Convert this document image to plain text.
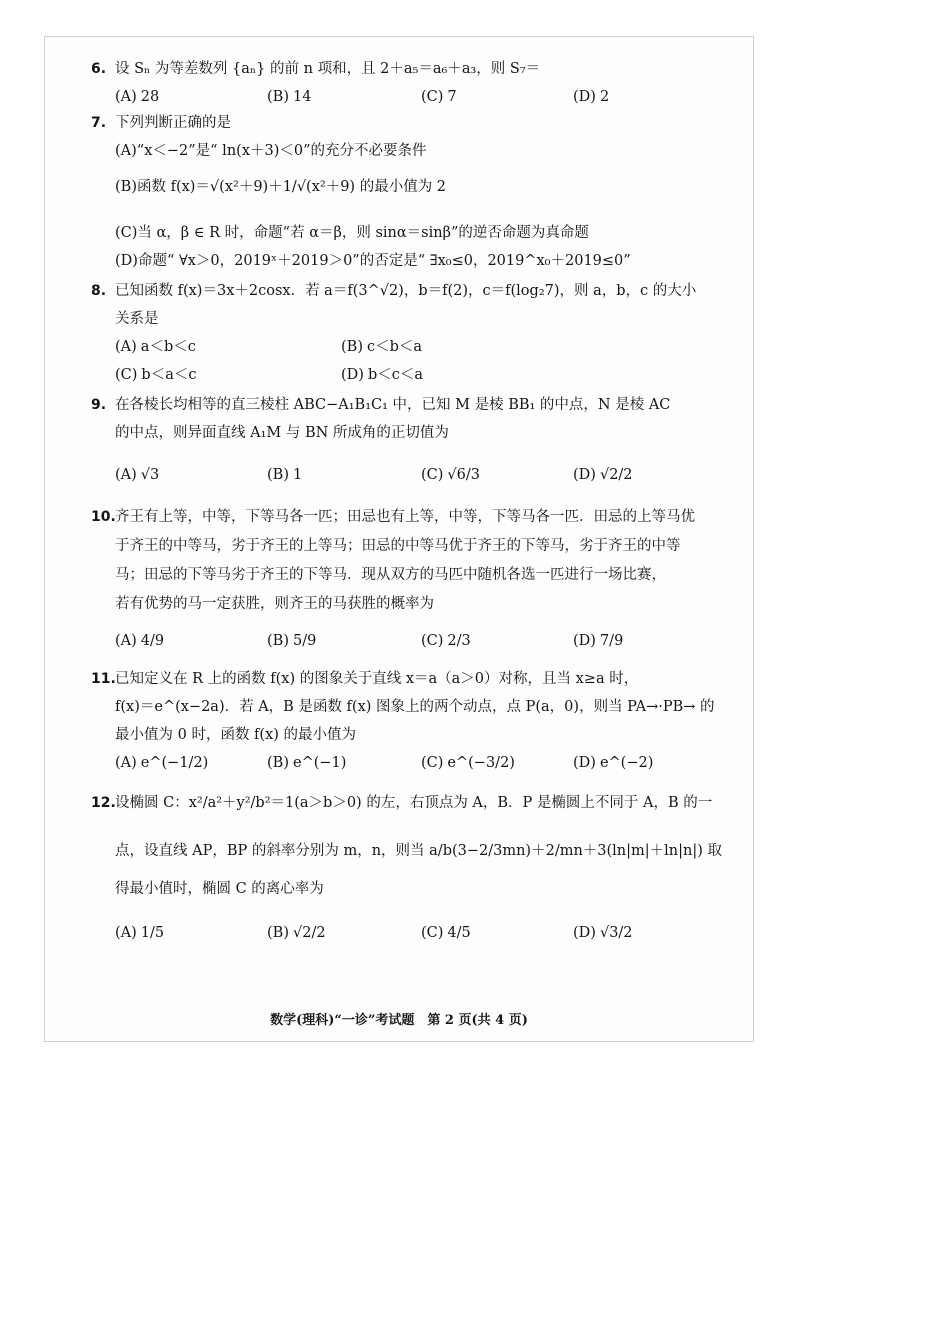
6. 设 Sₙ 为等差数列 {aₙ} 的前 n 项和，且 2＋a₅＝a₆＋a₃，则 S₇＝
(A) 28	(B) 14	(C) 7	(D) 2
7. 下列判断正确的是
(A)“x＜−2”是“ ln(x＋3)＜0”的充分不必要条件
(B)函数 f(x)＝√(x²＋9)＋1/√(x²＋9) 的最小值为 2
(C)当 α，β ∈ R 时，命题“若 α＝β，则 sinα＝sinβ”的逆否命题为真命题
(D)命题“ ∀x＞0，2019ˣ＋2019＞0”的否定是“ ∃x₀≤0，2019^x₀＋2019≤0”
8. 已知函数 f(x)＝3x＋2cosx．若 a＝f(3^√2)，b＝f(2)，c＝f(log₂7)，则 a，b，c 的大小
关系是
(A) a＜b＜c	(B) c＜b＜a
(C) b＜a＜c	(D) b＜c＜a
9. 在各棱长均相等的直三棱柱 ABC−A₁B₁C₁ 中，已知 M 是棱 BB₁ 的中点，N 是棱 AC
的中点，则异面直线 A₁M 与 BN 所成角的正切值为
(A) √3	(B) 1	(C) √6/3	(D) √2/2
10. 齐王有上等，中等，下等马各一匹；田忌也有上等，中等，下等马各一匹．田忌的上等马优
于齐王的中等马，劣于齐王的上等马；田忌的中等马优于齐王的下等马，劣于齐王的中等
马；田忌的下等马劣于齐王的下等马．现从双方的马匹中随机各选一匹进行一场比赛，
若有优势的马一定获胜，则齐王的马获胜的概率为
(A) 4/9	(B) 5/9	(C) 2/3	(D) 7/9
11. 已知定义在 R 上的函数 f(x) 的图象关于直线 x＝a（a＞0）对称，且当 x≥a 时，
f(x)＝e^(x−2a)．若 A，B 是函数 f(x) 图象上的两个动点，点 P(a，0)，则当 PA→·PB→ 的
最小值为 0 时，函数 f(x) 的最小值为
(A) e^(−1/2)	(B) e^(−1)	(C) e^(−3/2)	(D) e^(−2)
12. 设椭圆 C：x²/a²＋y²/b²＝1(a＞b＞0) 的左，右顶点为 A，B．P 是椭圆上不同于 A，B 的一
点，设直线 AP，BP 的斜率分别为 m，n，则当 a/b(3−2/3mn)＋2/mn＋3(ln|m|＋ln|n|) 取
得最小值时，椭圆 C 的离心率为
(A) 1/5	(B) √2/2	(C) 4/5	(D) √3/2
数学(理科)“一诊”考试题　第 2 页(共 4 页)
